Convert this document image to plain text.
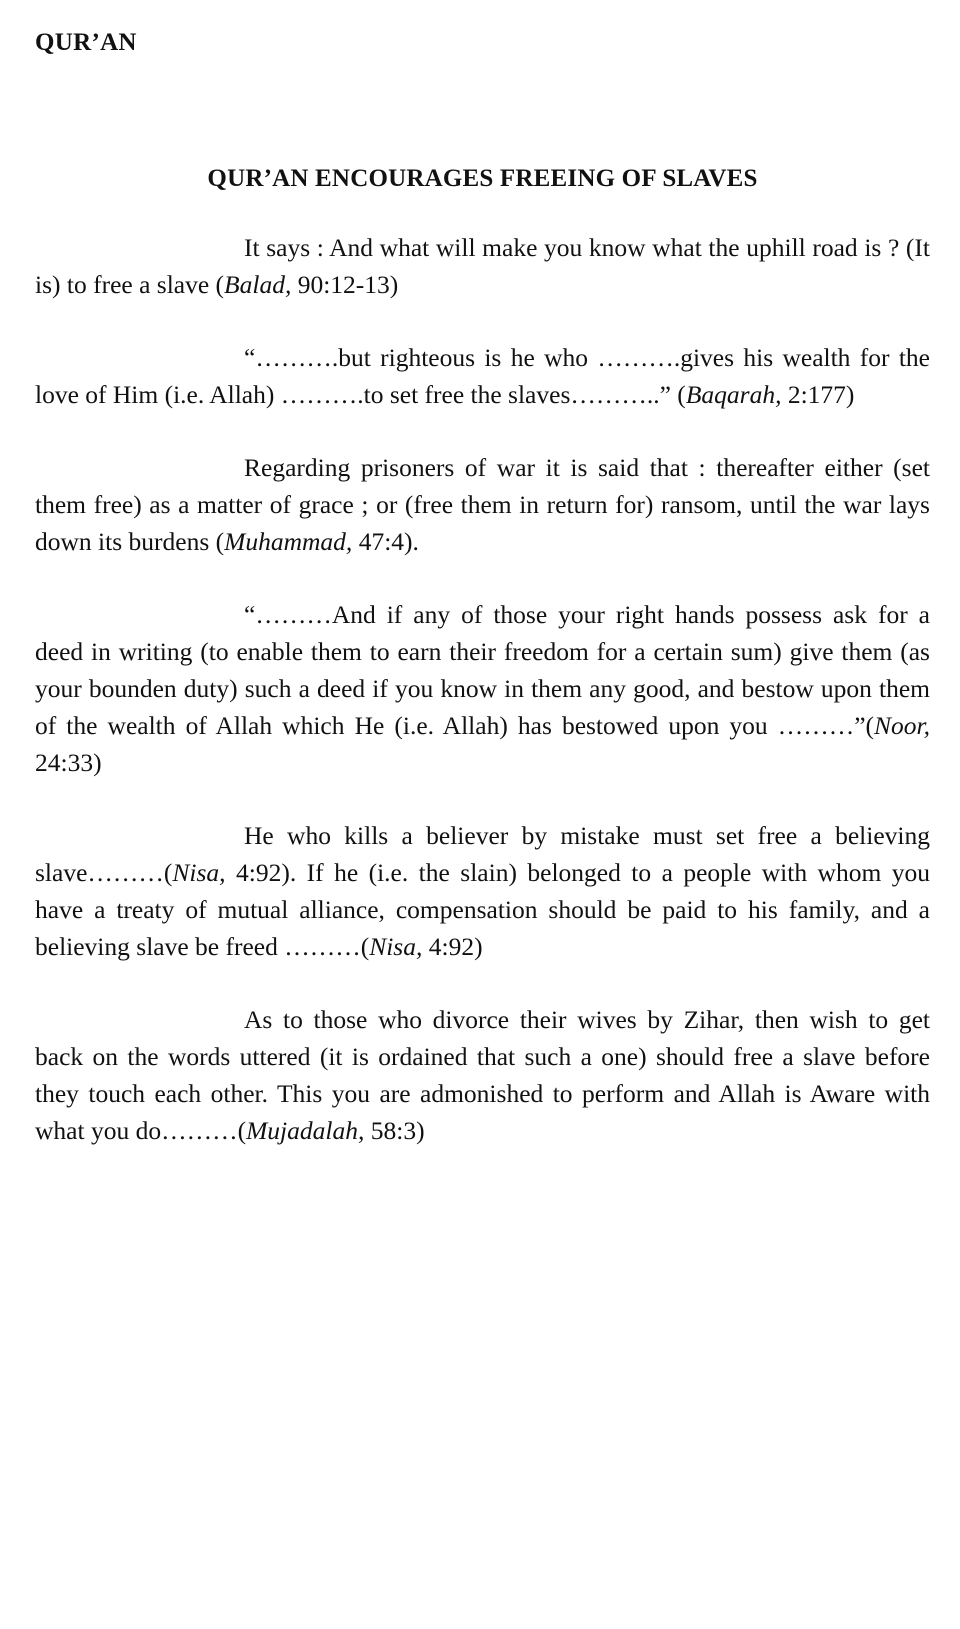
QUR’AN

QUR’AN ENCOURAGES FREEING OF SLAVES

It says : And what will make you know what the uphill road is ? (It is) to free a slave (Balad, 90:12-13)

“……….but righteous is he who ……….gives his wealth for the love of Him (i.e. Allah) ……….to set free the slaves………..” (Baqarah, 2:177)

Regarding prisoners of war it is said that : thereafter either (set them free) as a matter of grace ; or (free them in return for) ransom, until the war lays down its burdens (Muhammad, 47:4).

“………And if any of those your right hands possess ask for a deed in writing (to enable them to earn their freedom for a certain sum) give them (as your bounden duty) such a deed if you know in them any good, and bestow upon them of the wealth of Allah which He (i.e. Allah) has bestowed upon you ………”(Noor, 24:33)

He who kills a believer by mistake must set free a believing slave………(Nisa, 4:92). If he (i.e. the slain) belonged to a people with whom you have a treaty of mutual alliance, compensation should be paid to his family, and a believing slave be freed ………(Nisa, 4:92)

As to those who divorce their wives by Zihar, then wish to get back on the words uttered (it is ordained that such a one) should free a slave before they touch each other. This you are admonished to perform and Allah is Aware with what you do………(Mujadalah, 58:3)
